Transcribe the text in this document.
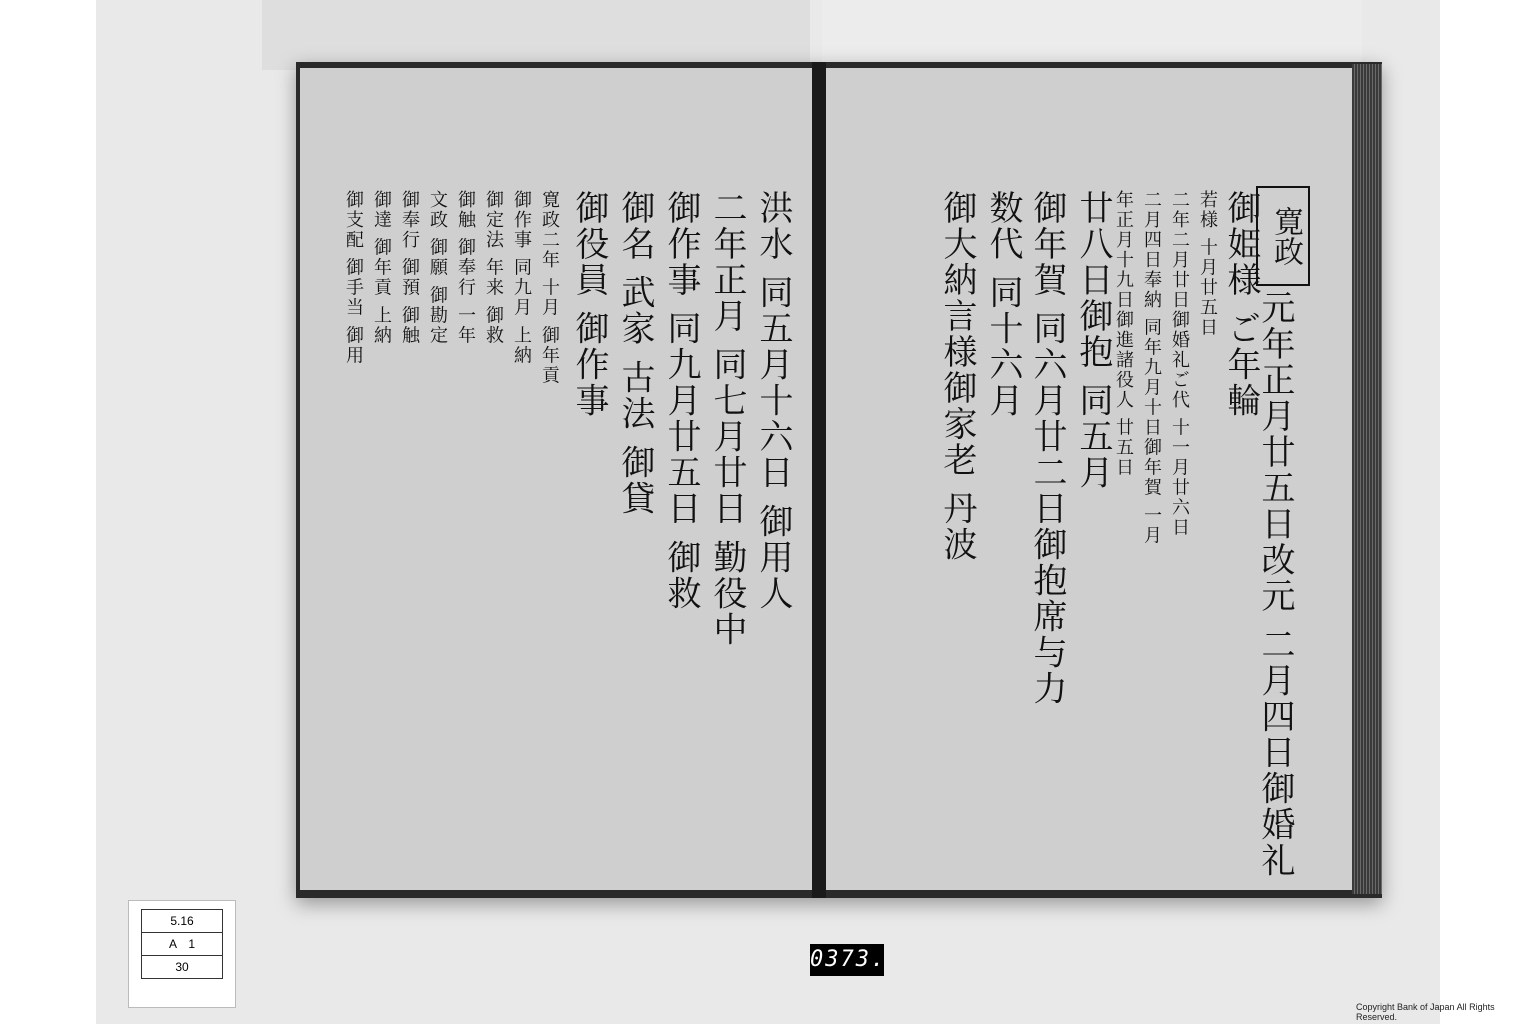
寛政
元年正月廿五日改元 二月四日御婚礼
御姫様 ご年輪
若様 十月廿五日
二年二月廿日御婚礼ご代 十一月廿六日
二月四日奉納 同年九月十日御年賀 一月
年正月十九日御進諸役人 廿五日
廿八日御抱 同五月
御年賀 同六月廿二日御抱席与力
数代 同十六月
御大納言様御家老 丹波
洪水 同五月十六日 御用人
二年正月 同七月廿日 勤役中
御作事 同九月廿五日 御救
御名 武家 古法 御貸
御役員 御作事
寛政二年 十月 御年貢
御作事 同九月 上納
御定法 年来 御救
御触 御奉行 一年
文政 御願 御勘定
御奉行 御預 御触
御達 御年貢 上納
御支配 御手当 御用
5.16
A　1
30	0373.
Copyright Bank of Japan All Rights Reserved.
